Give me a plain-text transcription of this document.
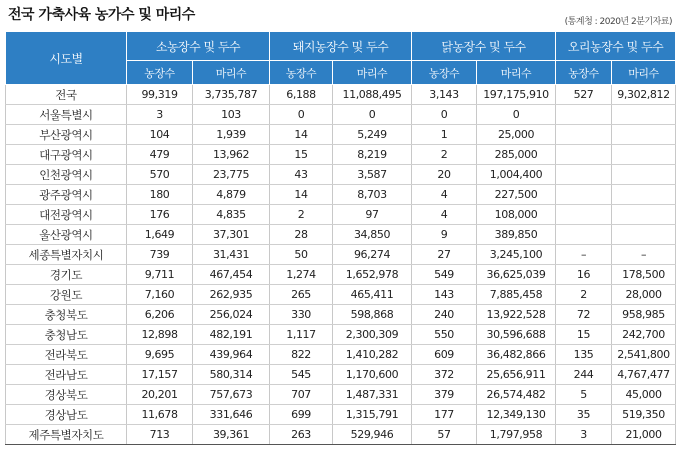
전국 가축사육 농가수 및 마리수	(통계청 : 2020년 2분기자료)
시도별	소농장수 및 두수		돼지농장수 및 두수		닭농장수 및 두수		오리농장수 및 두수	
	농장수	마리수	농장수	마리수	농장수	마리수	농장수	마리수
전국	99,319	3,735,787	6,188	11,088,495	3,143	197,175,910	527	9,302,812
서울특별시	3	103	0	0	0	0		
부산광역시	104	1,939	14	5,249	1	25,000		
대구광역시	479	13,962	15	8,219	2	285,000		
인천광역시	570	23,775	43	3,587	20	1,004,400		
광주광역시	180	4,879	14	8,703	4	227,500		
대전광역시	176	4,835	2	97	4	108,000		
울산광역시	1,649	37,301	28	34,850	9	389,850		
세종특별자치시	739	31,431	50	96,274	27	3,245,100	–	–
경기도	9,711	467,454	1,274	1,652,978	549	36,625,039	16	178,500
강원도	7,160	262,935	265	465,411	143	7,885,458	2	28,000
충청북도	6,206	256,024	330	598,868	240	13,922,528	72	958,985
충청남도	12,898	482,191	1,117	2,300,309	550	30,596,688	15	242,700
전라북도	9,695	439,964	822	1,410,282	609	36,482,866	135	2,541,800
전라남도	17,157	580,314	545	1,170,600	372	25,656,911	244	4,767,477
경상북도	20,201	757,673	707	1,487,331	379	26,574,482	5	45,000
경상남도	11,678	331,646	699	1,315,791	177	12,349,130	35	519,350
제주특별자치도	713	39,361	263	529,946	57	1,797,958	3	21,000
